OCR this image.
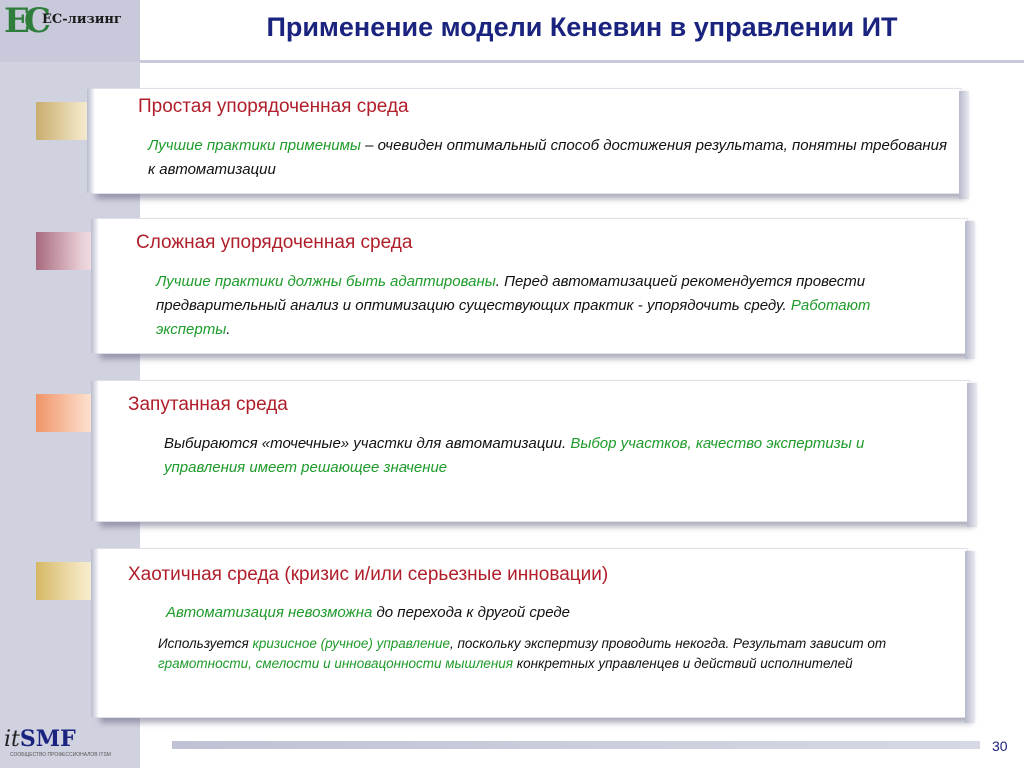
ЕС
ЕС-лизинг	Применение модели Кеневин в управлении ИТ
Простая упорядоченная среда
Лучшие практики применимы – очевиден оптимальный способ достижения результата, понятны требования к автоматизации
Сложная упорядоченная среда
Лучшие практики должны быть адаптированы. Перед автоматизацией рекомендуется провести предварительный анализ и оптимизацию существующих практик - упорядочить среду. Работают эксперты.
Запутанная среда
Выбираются «точечные» участки для автоматизации. Выбор участков, качество экспертизы и управления имеет решающее значение
Хаотичная среда (кризис и/или серьезные инновации)
Автоматизация невозможна до перехода к другой среде
Используется кризисное (ручное) управление, поскольку экспертизу проводить некогда. Результат зависит от грамотности, смелости и инновацонности мышления конкретных управленцев и действий исполнителей
itSMF
СООБЩЕСТВО ПРОФЕССИОНАЛОВ ITSM
30
